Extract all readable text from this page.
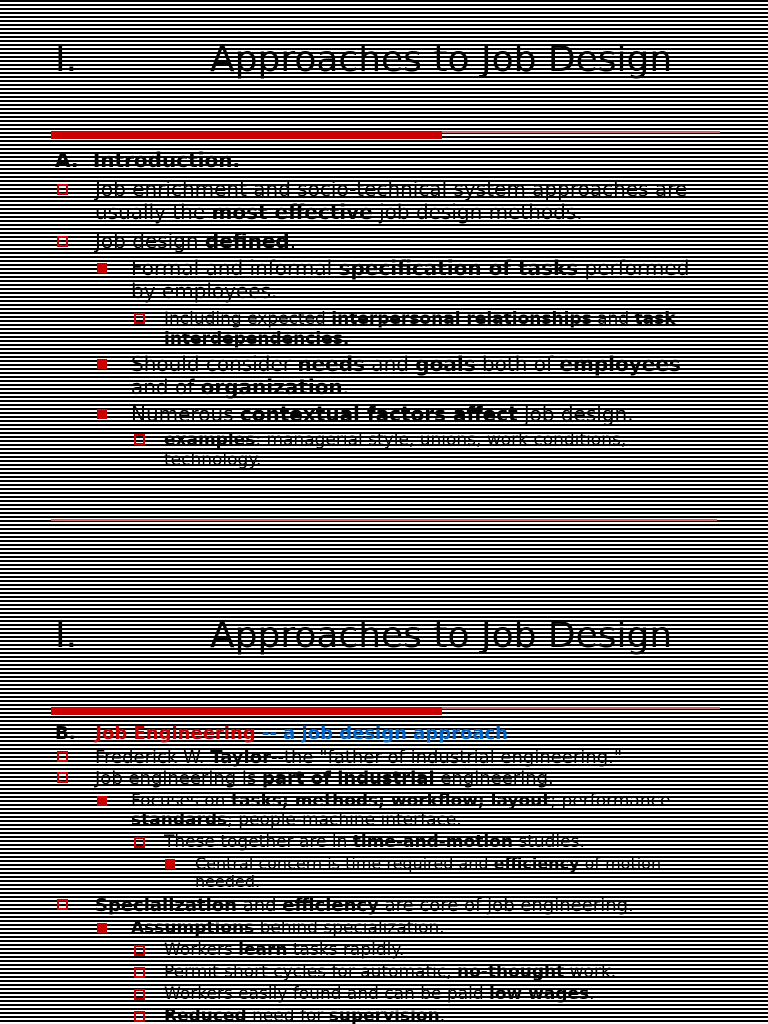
I.	Approaches to Job Design
A. Introduction.
Job enrichment and socio-technical system approaches are usually the most effective job design methods.
Job design defined.
Formal and informal specification of tasks performed by employees.
Including expected interpersonal relationships and task interdependencies.
Should consider needs and goals both of employees and of organization.
Numerous contextual factors affect job design.
examples: managerial style, unions, work conditions, technology.
I.	Approaches to Job Design
B. Job Engineering -- a job design approach
Frederick W. Taylor--the "father of industrial engineering."
Job engineering is part of industrial engineering.
Focuses on tasks; methods; workflow; layout; performance standards; people-machine interface.
These together are in time-and-motion studies.
Central concern is time required and efficiency of motion needed.
Specialization and efficiency are core of job engineering.
Assumptions behind specialization.
Workers learn tasks rapidly.
Permit short cycles for automatic, no-thought work.
Workers easily found and can be paid low wages.
Reduced need for supervision.
